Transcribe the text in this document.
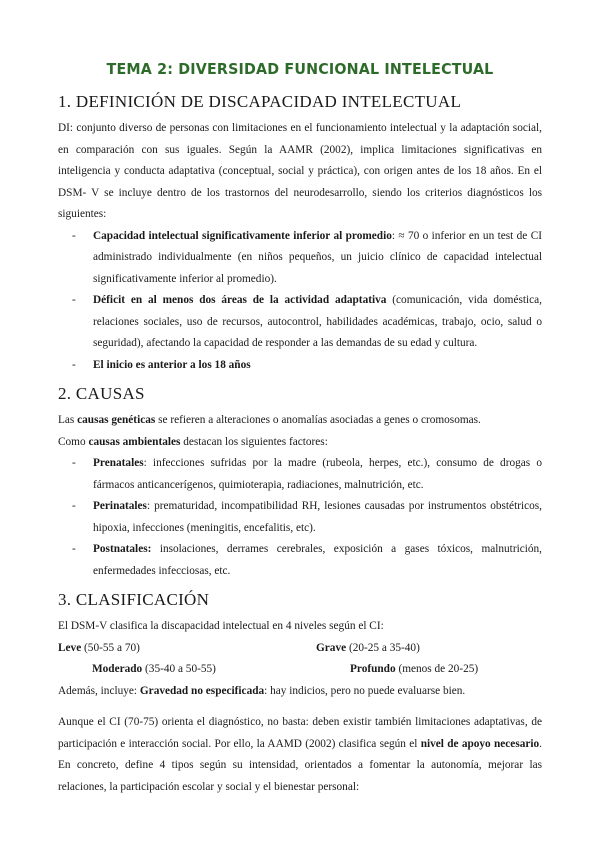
TEMA 2: DIVERSIDAD FUNCIONAL INTELECTUAL
1. DEFINICIÓN DE DISCAPACIDAD INTELECTUAL

DI: conjunto diverso de personas con limitaciones en el funcionamiento intelectual y la adaptación social, en comparación con sus iguales. Según la AAMR (2002), implica limitaciones significativas en inteligencia y conducta adaptativa (conceptual, social y práctica), con origen antes de los 18 años. En el DSM- V se incluye dentro de los trastornos del neurodesarrollo, siendo los criterios diagnósticos los siguientes:

- Capacidad intelectual significativamente inferior al promedio: ≈ 70 o inferior en un test de CI administrado individualmente (en niños pequeños, un juicio clínico de capacidad intelectual significativamente inferior al promedio).
- Déficit en al menos dos áreas de la actividad adaptativa (comunicación, vida doméstica, relaciones sociales, uso de recursos, autocontrol, habilidades académicas, trabajo, ocio, salud o seguridad), afectando la capacidad de responder a las demandas de su edad y cultura.
- El inicio es anterior a los 18 años
2. CAUSAS

Las causas genéticas se refieren a alteraciones o anomalías asociadas a genes o cromosomas.

Como causas ambientales destacan los siguientes factores:

- Prenatales: infecciones sufridas por la madre (rubeola, herpes, etc.), consumo de drogas o fármacos anticancerígenos, quimioterapia, radiaciones, malnutrición, etc.
- Perinatales: prematuridad, incompatibilidad RH, lesiones causadas por instrumentos obstétricos, hipoxia, infecciones (meningitis, encefalitis, etc).
- Postnatales: insolaciones, derrames cerebrales, exposición a gases tóxicos, malnutrición, enfermedades infecciosas, etc.
3. CLASIFICACIÓN

El DSM-V clasifica la discapacidad intelectual en 4 niveles según el CI:

Leve (50-55 a 70)	Grave (20-25 a 35-40)
Moderado (35-40 a 50-55)	Profundo (menos de 20-25)

Además, incluye: Gravedad no especificada: hay indicios, pero no puede evaluarse bien.

Aunque el CI (70-75) orienta el diagnóstico, no basta: deben existir también limitaciones adaptativas, de participación e interacción social. Por ello, la AAMD (2002) clasifica según el nivel de apoyo necesario. En concreto, define 4 tipos según su intensidad, orientados a fomentar la autonomía, mejorar las relaciones, la participación escolar y social y el bienestar personal:
